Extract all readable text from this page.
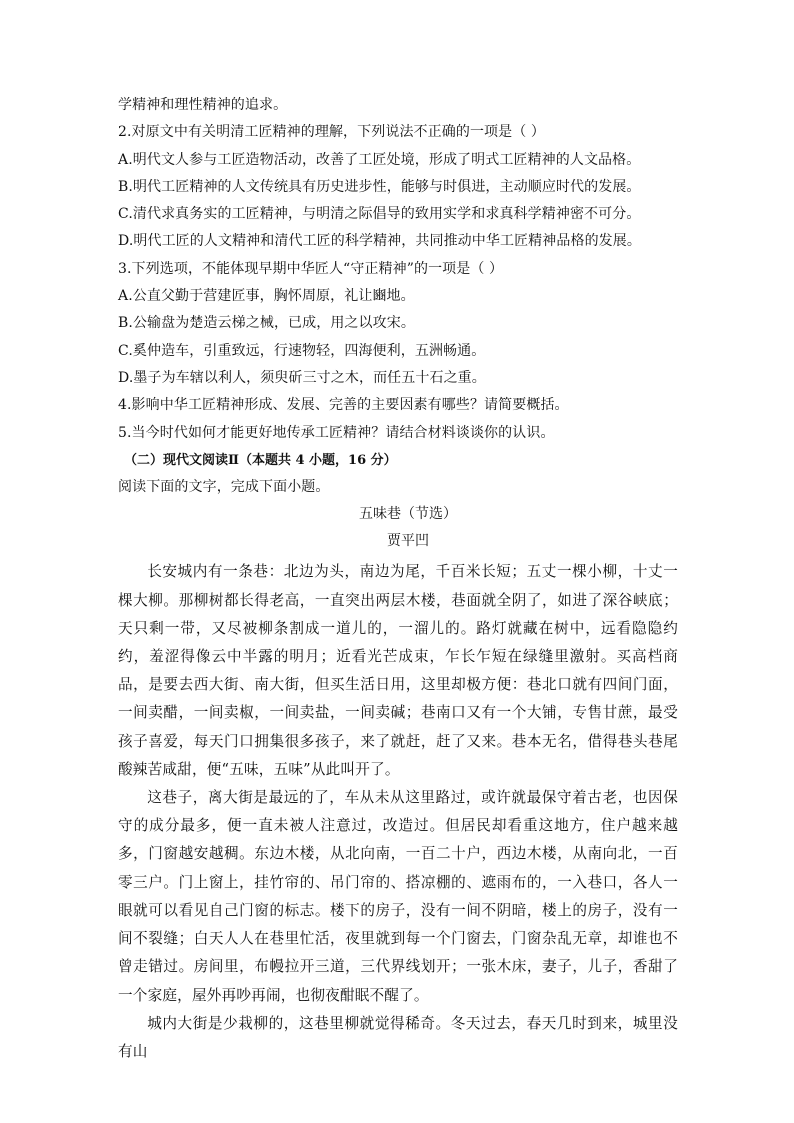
学精神和理性精神的追求。
2.对原文中有关明清工匠精神的理解，下列说法不正确的一项是（ ）
A.明代文人参与工匠造物活动，改善了工匠处境，形成了明式工匠精神的人文品格。
B.明代工匠精神的人文传统具有历史进步性，能够与时俱进，主动顺应时代的发展。
C.清代求真务实的工匠精神，与明清之际倡导的致用实学和求真科学精神密不可分。
D.明代工匠的人文精神和清代工匠的科学精神，共同推动中华工匠精神品格的发展。
3.下列选项，不能体现早期中华匠人“守正精神”的一项是（ ）
A.公直父勤于营建匠事，胸怀周原，礼让豳地。
B.公输盘为楚造云梯之械，已成，用之以攻宋。
C.奚仲造车，引重致远，行速物轻，四海便利，五洲畅通。
D.墨子为车辖以利人，须臾斫三寸之木，而任五十石之重。
4.影响中华工匠精神形成、发展、完善的主要因素有哪些？请简要概括。
5.当今时代如何才能更好地传承工匠精神？请结合材料谈谈你的认识。
（二）现代文阅读Ⅱ（本题共 4 小题，16 分）
阅读下面的文字，完成下面小题。
五味巷（节选）
贾平凹

长安城内有一条巷：北边为头，南边为尾，千百米长短；五丈一棵小柳，十丈一棵大柳。那柳树都长得老高，一直突出两层木楼，巷面就全阴了，如进了深谷峡底；天只剩一带，又尽被柳条割成一道儿的，一溜儿的。路灯就藏在树中，远看隐隐约约，羞涩得像云中半露的明月；近看光芒成束，乍长乍短在绿缝里激射。买高档商品，是要去西大街、南大街，但买生活日用，这里却极方便：巷北口就有四间门面，一间卖醋，一间卖椒，一间卖盐，一间卖碱；巷南口又有一个大铺，专售甘蔗，最受孩子喜爱，每天门口拥集很多孩子，来了就赶，赶了又来。巷本无名，借得巷头巷尾酸辣苦咸甜，便“五味，五味”从此叫开了。

这巷子，离大街是最远的了，车从未从这里路过，或许就最保守着古老，也因保守的成分最多，便一直未被人注意过，改造过。但居民却看重这地方，住户越来越多，门窗越安越稠。东边木楼，从北向南，一百二十户，西边木楼，从南向北，一百零三户。门上窗上，挂竹帘的、吊门帘的、搭凉棚的、遮雨布的，一入巷口，各人一眼就可以看见自己门窗的标志。楼下的房子，没有一间不阴暗，楼上的房子，没有一间不裂缝；白天人人在巷里忙活，夜里就到每一个门窗去，门窗杂乱无章，却谁也不曾走错过。房间里，布幔拉开三道，三代界线划开；一张木床，妻子，儿子，香甜了一个家庭，屋外再吵再闹，也彻夜酣眠不醒了。

城内大街是少栽柳的，这巷里柳就觉得稀奇。冬天过去，春天几时到来，城里没有山
